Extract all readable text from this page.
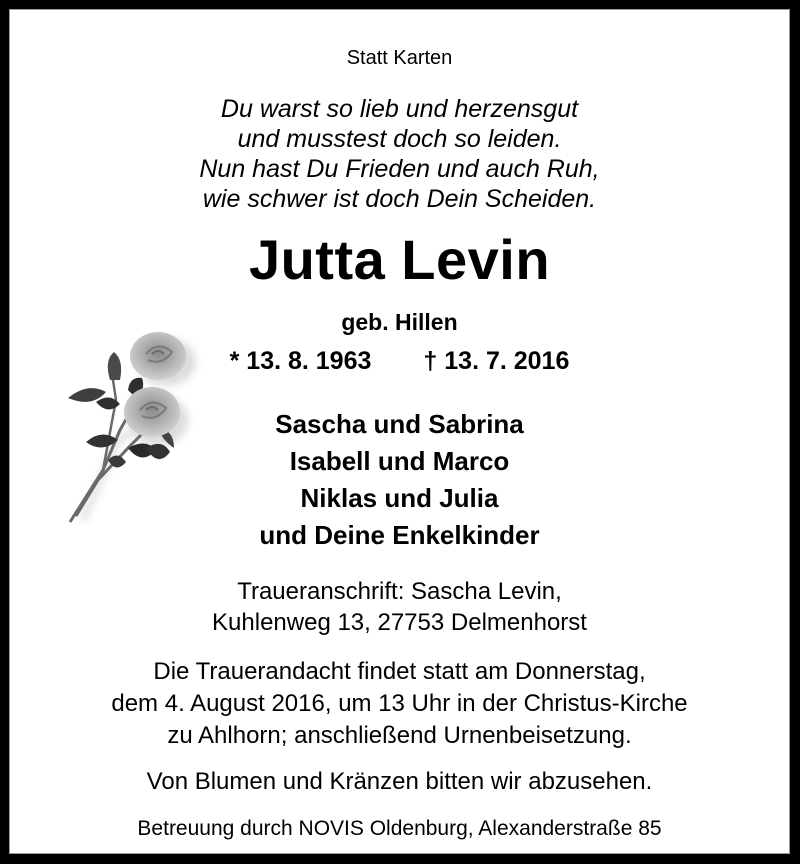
Statt Karten
Du warst so lieb und herzensgut
und musstest doch so leiden.
Nun hast Du Frieden und auch Ruh,
wie schwer ist doch Dein Scheiden.
Jutta Levin
geb. Hillen
* 13. 8. 1963 † 13. 7. 2016
Sascha und Sabrina
Isabell und Marco
Niklas und Julia
und Deine Enkelkinder
Traueranschrift: Sascha Levin,
Kuhlenweg 13, 27753 Delmenhorst
Die Trauerandacht findet statt am Donnerstag,
dem 4. August 2016, um 13 Uhr in der Christus-Kirche
zu Ahlhorn; anschließend Urnenbeisetzung.
Von Blumen und Kränzen bitten wir abzusehen.
Betreuung durch NOVIS Oldenburg, Alexanderstraße 85
